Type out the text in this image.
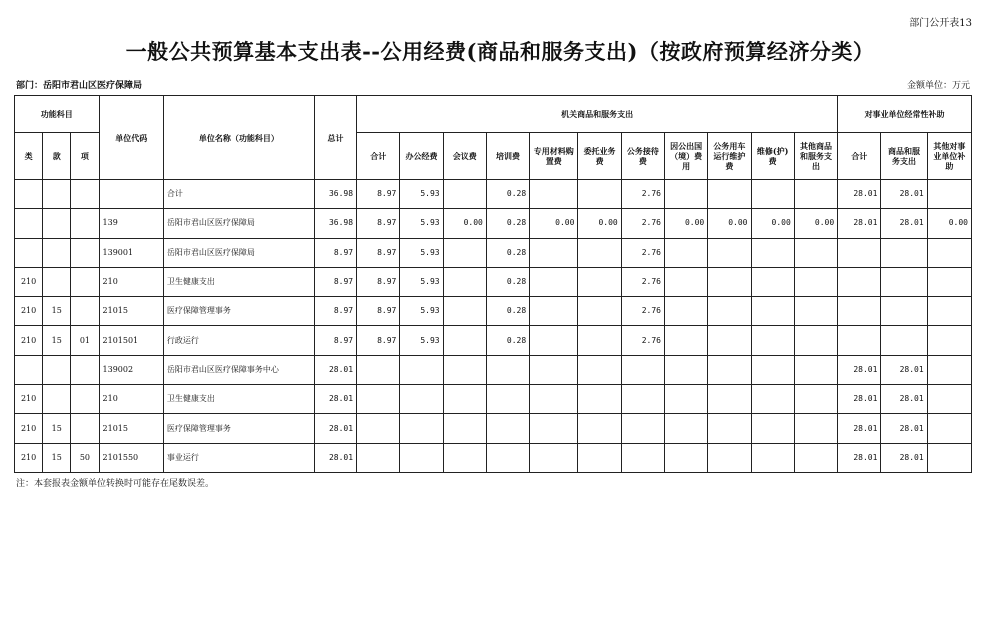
部门公开表13
一般公共预算基本支出表--公用经费(商品和服务支出)（按政府预算经济分类）
部门：岳阳市君山区医疗保障局	金额单位：万元
功能科目			单位代码	单位名称（功能科目）	总计	机关商品和服务支出											对事业单位经常性补助		
类	款	项				合计	办公经费	会议费	培训费	专用材料购置费	委托业务费	公务接待费	因公出国（境）费用	公务用车运行维护费	维修(护)费	其他商品和服务支出	合计	商品和服务支出	其他对事业单位补助
				合计	36.98	8.97	5.93		0.28			2.76					28.01	28.01	
			139	岳阳市君山区医疗保障局	36.98	8.97	5.93	0.00	0.28	0.00	0.00	2.76	0.00	0.00	0.00	0.00	28.01	28.01	0.00
			139001	岳阳市君山区医疗保障局	8.97	8.97	5.93		0.28			2.76							
210			210	卫生健康支出	8.97	8.97	5.93		0.28			2.76							
210	15		21015	医疗保障管理事务	8.97	8.97	5.93		0.28			2.76							
210	15	01	2101501	行政运行	8.97	8.97	5.93		0.28			2.76							
			139002	岳阳市君山区医疗保障事务中心	28.01												28.01	28.01	
210			210	卫生健康支出	28.01												28.01	28.01	
210	15		21015	医疗保障管理事务	28.01												28.01	28.01	
210	15	50	2101550	事业运行	28.01												28.01	28.01	
注：本套报表金额单位转换时可能存在尾数误差。
